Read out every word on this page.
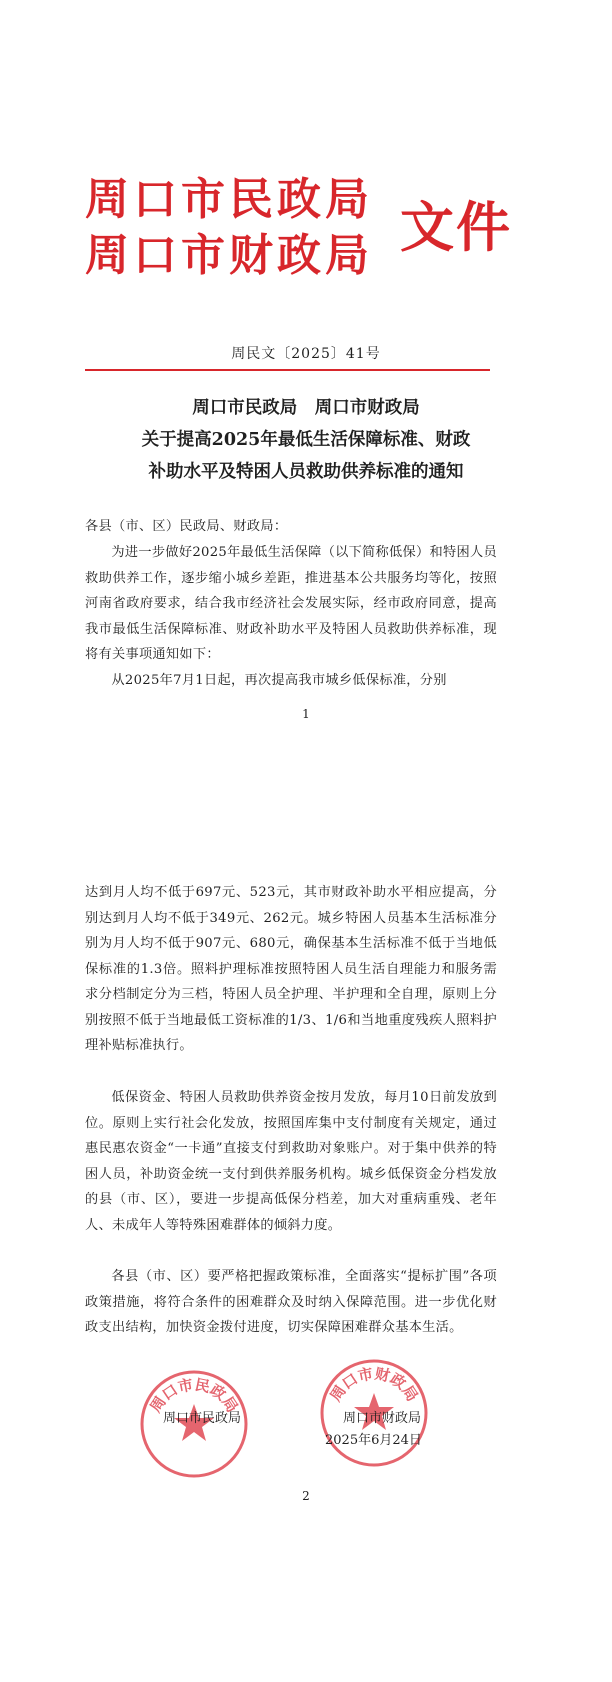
周口市民政局
周口市财政局 文件
周民文〔2025〕41号
周口市民政局　周口市财政局
关于提高2025年最低生活保障标准、财政
补助水平及特困人员救助供养标准的通知

各县（市、区）民政局、财政局：

为进一步做好2025年最低生活保障（以下简称低保）和特困人员救助供养工作，逐步缩小城乡差距，推进基本公共服务均等化，按照河南省政府要求，结合我市经济社会发展实际，经市政府同意，提高我市最低生活保障标准、财政补助水平及特困人员救助供养标准，现将有关事项通知如下：

从2025年7月1日起，再次提高我市城乡低保标准，分别

1

达到月人均不低于697元、523元，其市财政补助水平相应提高，分别达到月人均不低于349元、262元。城乡特困人员基本生活标准分别为月人均不低于907元、680元，确保基本生活标准不低于当地低保标准的1.3倍。照料护理标准按照特困人员生活自理能力和服务需求分档制定分为三档，特困人员全护理、半护理和全自理，原则上分别按照不低于当地最低工资标准的1/3、1/6和当地重度残疾人照料护理补贴标准执行。

低保资金、特困人员救助供养资金按月发放，每月10日前发放到位。原则上实行社会化发放，按照国库集中支付制度有关规定，通过惠民惠农资金“一卡通”直接支付到救助对象账户。对于集中供养的特困人员，补助资金统一支付到供养服务机构。城乡低保资金分档发放的县（市、区），要进一步提高低保分档差，加大对重病重残、老年人、未成年人等特殊困难群体的倾斜力度。

各县（市、区）要严格把握政策标准，全面落实“提标扩围”各项政策措施，将符合条件的困难群众及时纳入保障范围。进一步优化财政支出结构，加快资金拨付进度，切实保障困难群众基本生活。

周口市民政局
周口市民政局
周口市财政局
周口市财政局
2025年6月24日
2
